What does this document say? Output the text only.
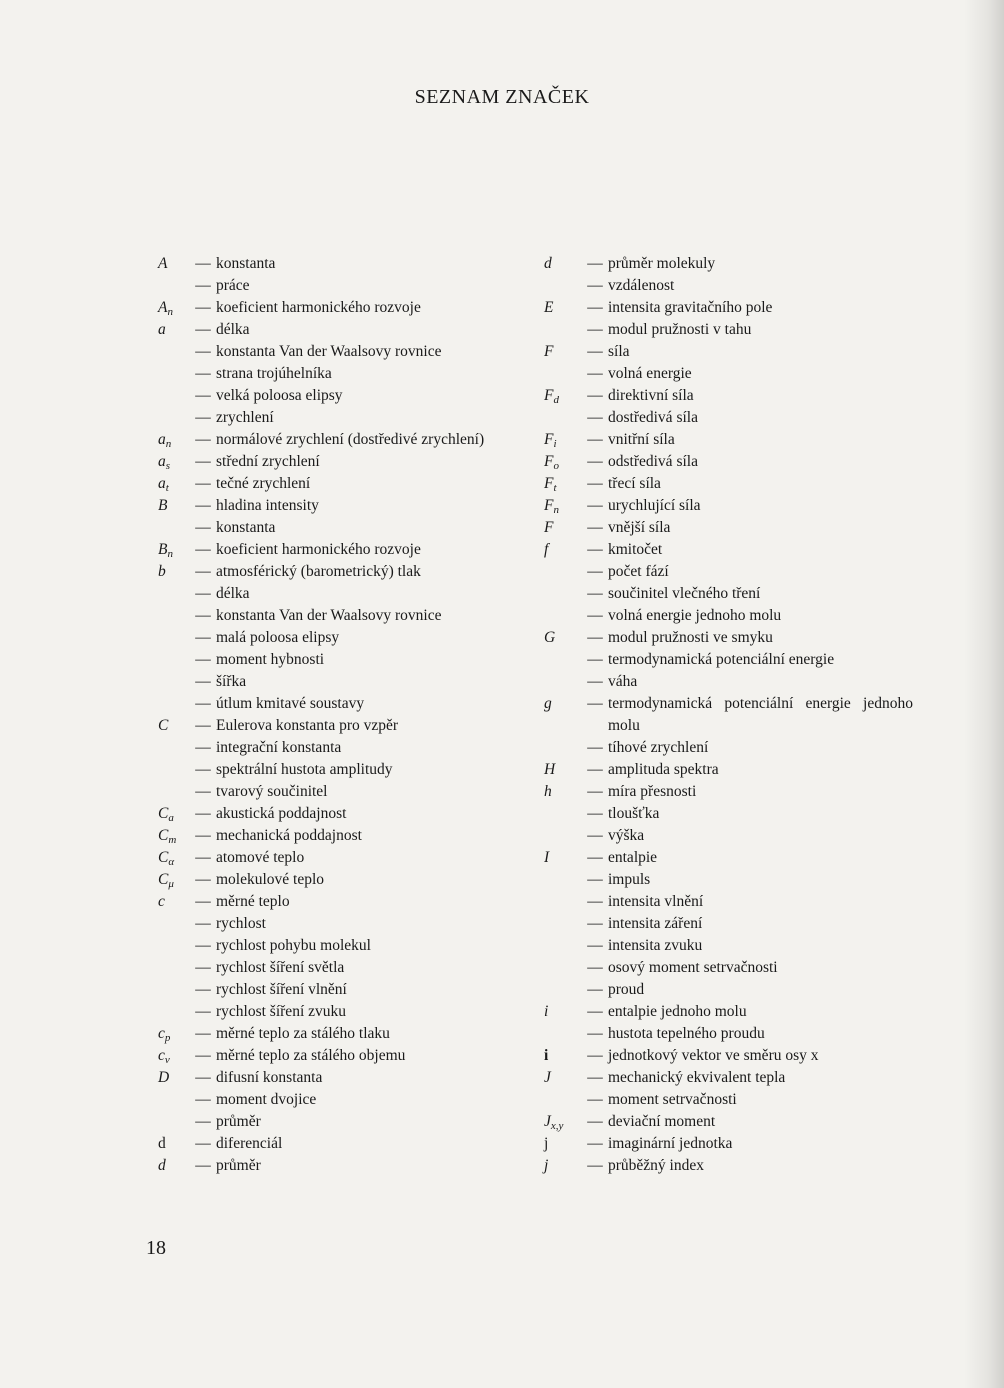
SEZNAM ZNAČEK
A	— konstanta
— práce
$A_n$	— koeficient harmonického rozvoje
a	— délka
— konstanta Van der Waalsovy rovnice
— strana trojúhelníka
— velká poloosa elipsy
— zrychlení
$a_n$	— normálové zrychlení (dostředivé zrychlení)
$a_s$	— střední zrychlení
$a_t$	— tečné zrychlení
B	— hladina intensity
— konstanta
$B_n$	— koeficient harmonického rozvoje
b	— atmosférický (barometrický) tlak
— délka
— konstanta Van der Waalsovy rovnice
— malá poloosa elipsy
— moment hybnosti
— šířka
— útlum kmitavé soustavy
C	— Eulerova konstanta pro vzpěr
— integrační konstanta
— spektrální hustota amplitudy
— tvarový součinitel
$C_a$	— akustická poddajnost
$C_m$	— mechanická poddajnost
$C_\alpha$	— atomové teplo
$C_\mu$	— molekulové teplo
c	— měrné teplo
— rychlost
— rychlost pohybu molekul
— rychlost šíření světla
— rychlost šíření vlnění
— rychlost šíření zvuku
$c_p$	— měrné teplo za stálého tlaku
$c_v$	— měrné teplo za stálého objemu
D	— difusní konstanta
— moment dvojice
— průměr
d	— diferenciál
d	— průměr
d	— průměr molekuly
— vzdálenost
E	— intensita gravitačního pole
— modul pružnosti v tahu
F	— síla
— volná energie
$F_d$	— direktivní síla
— dostředivá síla
$F_i$	— vnitřní síla
$F_o$	— odstředivá síla
$F_t$	— třecí síla
$F_n$	— urychlující síla
F	— vnější síla
f	— kmitočet
— počet fází
— součinitel vlečného tření
— volná energie jednoho molu
G	— modul pružnosti ve smyku
— termodynamická potenciální energie
— váha
g	— termodynamická potenciální energie jednoho molu
— tíhové zrychlení
H	— amplituda spektra
h	— míra přesnosti
— tloušťka
— výška
I	— entalpie
— impuls
— intensita vlnění
— intensita záření
— intensita zvuku
— osový moment setrvačnosti
— proud
i	— entalpie jednoho molu
— hustota tepelného proudu
i	— jednotkový vektor ve směru osy x
J	— mechanický ekvivalent tepla
— moment setrvačnosti
$J_{x,y}$	— deviační moment
j	— imaginární jednotka
j	— průběžný index
18
